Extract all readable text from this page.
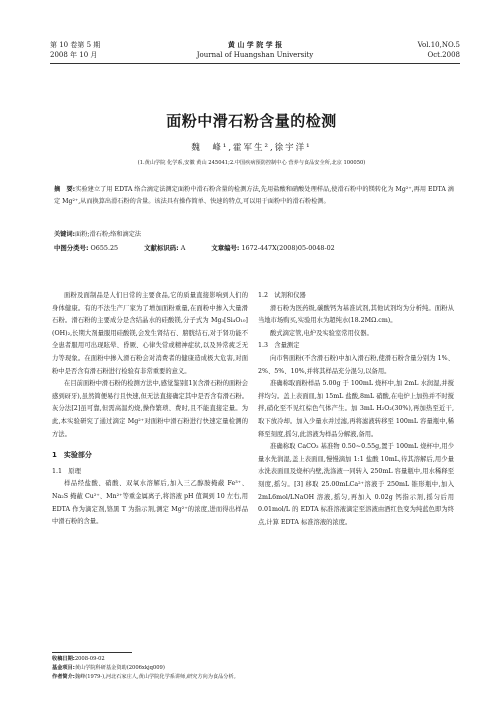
第 10 卷第 5 期
2008 年 10 月
黄 山 学 院 学 报
Journal of Huangshan University
Vol.10,NO.5
Oct.2008
面粉中滑石粉含量的检测
魏　峰¹,霍军生²,徐宇洋¹
(1.黄山学院 化学系,安徽 黄山 245041;2.中国疾病预防控制中心 营养与食品安全所,北京 100050)
摘　要:实验建立了用 EDTA 络合滴定法测定面粉中滑石粉含量的检测方法,先用盐酸和硝酸处理样品,使滑石粉中的镁转化为 Mg²⁺,再用 EDTA 滴定 Mg²⁺,从而换算出滑石粉的含量。该法具有操作简单、快速的特点,可以用于面粉中的滑石粉检测。
关键词:面粉;滑石粉;络和滴定法
中图分类号: O655.25	文献标识码: A	文章编号: 1672-447X(2008)05-0048-02

面粉及面制品是人们日常的主要食品,它的质量直接影响到人们的身体健康。有的不法生产厂家为了增加面粉重量,在面粉中掺入大量滑石粉。滑石粉的主要成分是含结晶水的硅酸镁,分子式为 Mg₃[Si₄O₁₀](OH)₂,长期大剂量服用硅酸镁,会发生肾结石、膀胱结石,对于肾功能不全患者服用可出现眩晕、昏厥、心律失常或精神症状,以及异常疲乏无力等现象。在面粉中掺入滑石粉会对消费者的健康造成极大危害,对面粉中是否含有滑石粉进行检验有非常重要的意义。

在目前面粉中滑石粉的检测方法中,感觉鉴别[1](含滑石粉的面粉会感到砑牙),虽然简便易行且快速,但无法直接确定其中是否含有滑石粉。灰分法[2]虽可靠,但需高温灼烧,操作繁琐、费时,且不能直接定量。为此,本实验研究了通过滴定 Mg²⁺对面粉中滑石粉进行快速定量检测的方法。

1　实验部分

1.1　原理

样品经盐酸、硝酸、双氧水溶解后,加入三乙醇胺掩蔽 Fe³⁺、Na₂S 掩蔽 Cu²⁺、Mn²⁺等重金属离子,将溶液 pH 值调到 10 左右,用 EDTA 作为滴定剂,铬黑 T 为指示剂,测定 Mg²⁺的浓度,进而得出样品中滑石粉的含量。

1.2　试剂和仪器

滑石粉为医药级,碳酸钙为基准试剂,其他试剂均为分析纯。面粉从当地市场购买,实验用水为超纯水(18.2MΩ.cm)。

酸式滴定管,电炉及实验室常用仪器。

1.3　含量测定

向市售面粉(不含滑石粉)中加入滑石粉,使滑石粉含量分别为 1%、2%、5%、10%,并将其样品充分混匀,以备用。

准确称取面粉样品 5.00g 于 100mL 烧杯中,加 2mL 水润湿,并搅拌均匀。盖上表面皿,加 15mL 盐酸,8mL 硝酸,在电炉上加热并不时搅拌,硝化至不见红棕色气体产生。加 3mL H₂O₂(30%),再加热至近干,取下放冷却。加入少量水并过滤,再将滤液转移至 100mL 容量瓶中,稀释至刻度,摇匀,此溶液为样品分解液,备用。

准确称取 CaCO₃ 基准物 0.50~0.55g,置于 100mL 烧杯中,用少量水先润湿,盖上表面皿,慢慢滴加 1:1 盐酸 10mL,待其溶解后,用少量水洗表面皿及烧杯内壁,洗涤液一同转入 250mL 容量瓶中,用水稀释至刻度,摇匀。[3] 移取 25.00mLCa²⁺溶液于 250mL 锥形瓶中,加入 2mL6mol/LNaOH 溶液,摇匀,再加入 0.02g 钙指示剂,摇匀后用 0.01mol/L 的 EDTA 标准溶液滴定至溶液由酒红色变为纯蓝色即为终点,计算 EDTA 标准溶液的浓度。

收稿日期:2008-09-02
基金项目:黄山学院科研基金资助(2006xkjq009)
作者简介:魏峰(1979-),河北石家庄人,黄山学院化学系讲师,研究方向为食品分析。
